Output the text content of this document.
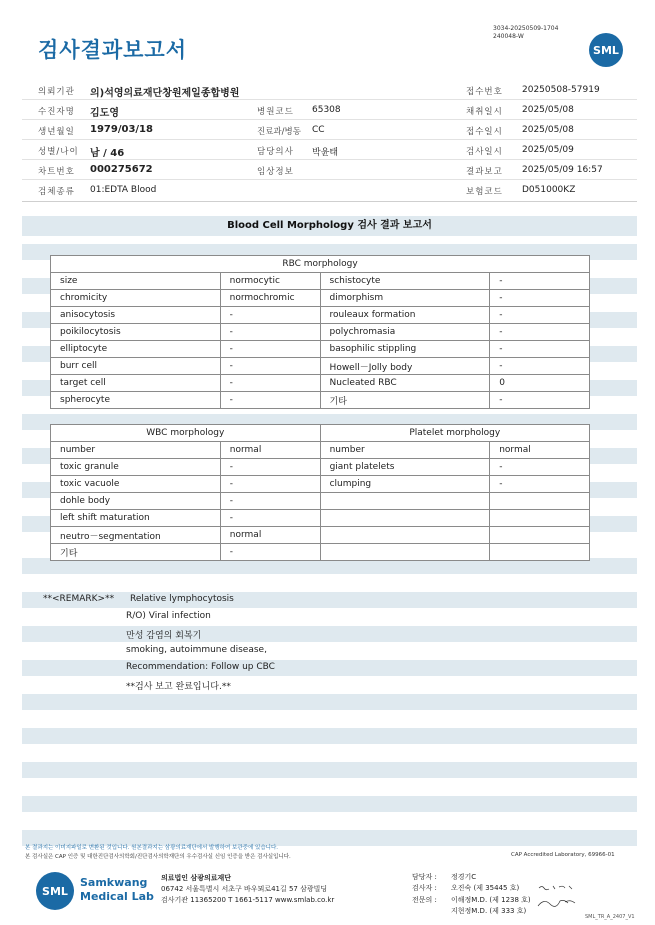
검사결과보고서
3034-20250509-1704
240048-W
SML
의뢰기관 의)석영의료재단창원제일종합병원	접수번호 20250508-57919
수진자명 김도영	병원코드 65308	채취일시 2025/05/08
생년월일 1979/03/18	진료과/병동 CC	접수일시 2025/05/08
성별/나이 남 / 46	담당의사 박윤태	검사일시 2025/05/09
차트번호 000275672	임상정보	결과보고 2025/05/09 16:57
검체종류 01:EDTA Blood	보험코드 D051000KZ
Blood Cell Morphology 검사 결과 보고서
RBC morphology			
size	normocytic	schistocyte	-
chromicity	normochromic	dimorphism	-
anisocytosis	-	rouleaux formation	-
poikilocytosis	-	polychromasia	-
elliptocyte	-	basophilic stippling	-
burr cell	-	Howell－Jolly body	-
target cell	-	Nucleated RBC	0
spherocyte	-	기타	-
WBC morphology		Platelet morphology	
number	normal	number	normal
toxic granule	-	giant platelets	-
toxic vacuole	-	clumping	-
dohle body	-		
left shift maturation	-		
neutro－segmentation	normal		
기타	-		
**<REMARK>** Relative lymphocytosis
R/O) Viral infection
만성 감염의 회복기
smoking, autoimmune disease,
Recommendation: Follow up CBC
**검사 보고 완료입니다.**
본 결과지는 이미지파일로 변환된 것입니다. 원본결과지는 삼광의료재단에서 발행하여 보관중에 있습니다.
본 검사실은 CAP 인증 및 대한진단검사의학회/진단검사의학재단의 우수검사실 신임 인증을 받은 검사실입니다.	CAP Accredited Laboratory, 69966-01
SML
Samkwang
Medical Lab
의료법인 삼광의료재단
06742 서울특별시 서초구 바우뫼로41길 57 삼광빌딩
검사기관 11365200 T 1661-5117 www.smlab.co.kr
담당자 : 정경기C
검사자 : 오진숙 (제 35445 호)
전문의 : 이해정M.D. (제 1238 호)
지현정M.D. (제 333 호)
SML_TR_A_2407_V1
